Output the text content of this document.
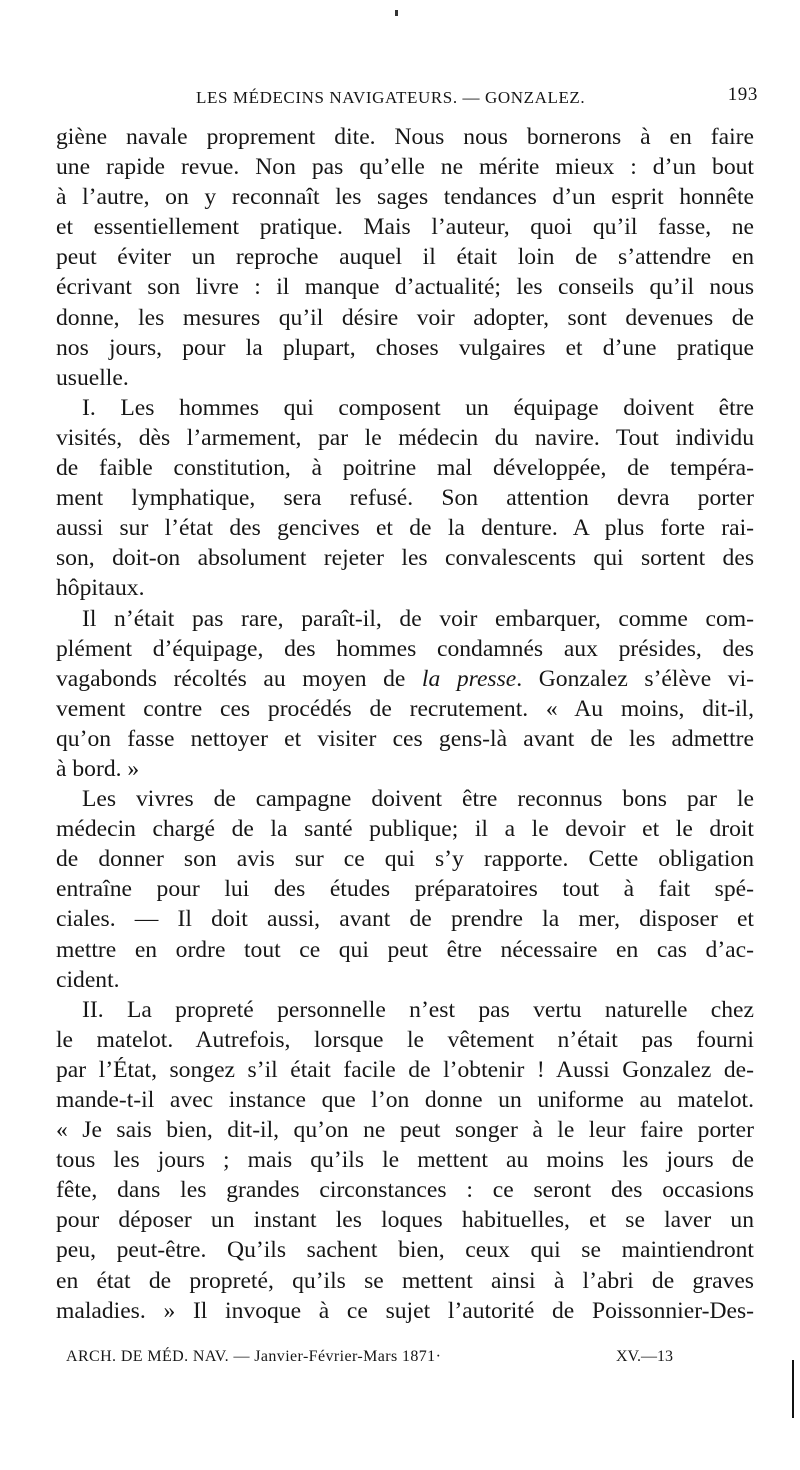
LES MÉDECINS NAVIGATEURS. — GONZALEZ.	193
giène navale proprement dite. Nous nous bornerons à en faire
une rapide revue. Non pas qu’elle ne mérite mieux : d’un bout
à l’autre, on y reconnaît les sages tendances d’un esprit honnête
et essentiellement pratique. Mais l’auteur, quoi qu’il fasse, ne
peut éviter un reproche auquel il était loin de s’attendre en
écrivant son livre : il manque d’actualité; les conseils qu’il nous
donne, les mesures qu’il désire voir adopter, sont devenues de
nos jours, pour la plupart, choses vulgaires et d’une pratique
usuelle.
I. Les hommes qui composent un équipage doivent être
visités, dès l’armement, par le médecin du navire. Tout individu
de faible constitution, à poitrine mal développée, de tempéra-
ment lymphatique, sera refusé. Son attention devra porter
aussi sur l’état des gencives et de la denture. A plus forte rai-
son, doit-on absolument rejeter les convalescents qui sortent des
hôpitaux.
Il n’était pas rare, paraît-il, de voir embarquer, comme com-
plément d’équipage, des hommes condamnés aux présides, des
vagabonds récoltés au moyen de la presse. Gonzalez s’élève vi-
vement contre ces procédés de recrutement. « Au moins, dit-il,
qu’on fasse nettoyer et visiter ces gens-là avant de les admettre
à bord. »
Les vivres de campagne doivent être reconnus bons par le
médecin chargé de la santé publique; il a le devoir et le droit
de donner son avis sur ce qui s’y rapporte. Cette obligation
entraîne pour lui des études préparatoires tout à fait spé-
ciales. — Il doit aussi, avant de prendre la mer, disposer et
mettre en ordre tout ce qui peut être nécessaire en cas d’ac-
cident.
II. La propreté personnelle n’est pas vertu naturelle chez
le matelot. Autrefois, lorsque le vêtement n’était pas fourni
par l’État, songez s’il était facile de l’obtenir ! Aussi Gonzalez de-
mande-t-il avec instance que l’on donne un uniforme au matelot.
« Je sais bien, dit-il, qu’on ne peut songer à le leur faire porter
tous les jours ; mais qu’ils le mettent au moins les jours de
fête, dans les grandes circonstances : ce seront des occasions
pour déposer un instant les loques habituelles, et se laver un
peu, peut-être. Qu’ils sachent bien, ceux qui se maintiendront
en état de propreté, qu’ils se mettent ainsi à l’abri de graves
maladies. » Il invoque à ce sujet l’autorité de Poissonnier-Des-
ARCH. DE MÉD. NAV. — Janvier-Février-Mars 1871·	XV.—13
